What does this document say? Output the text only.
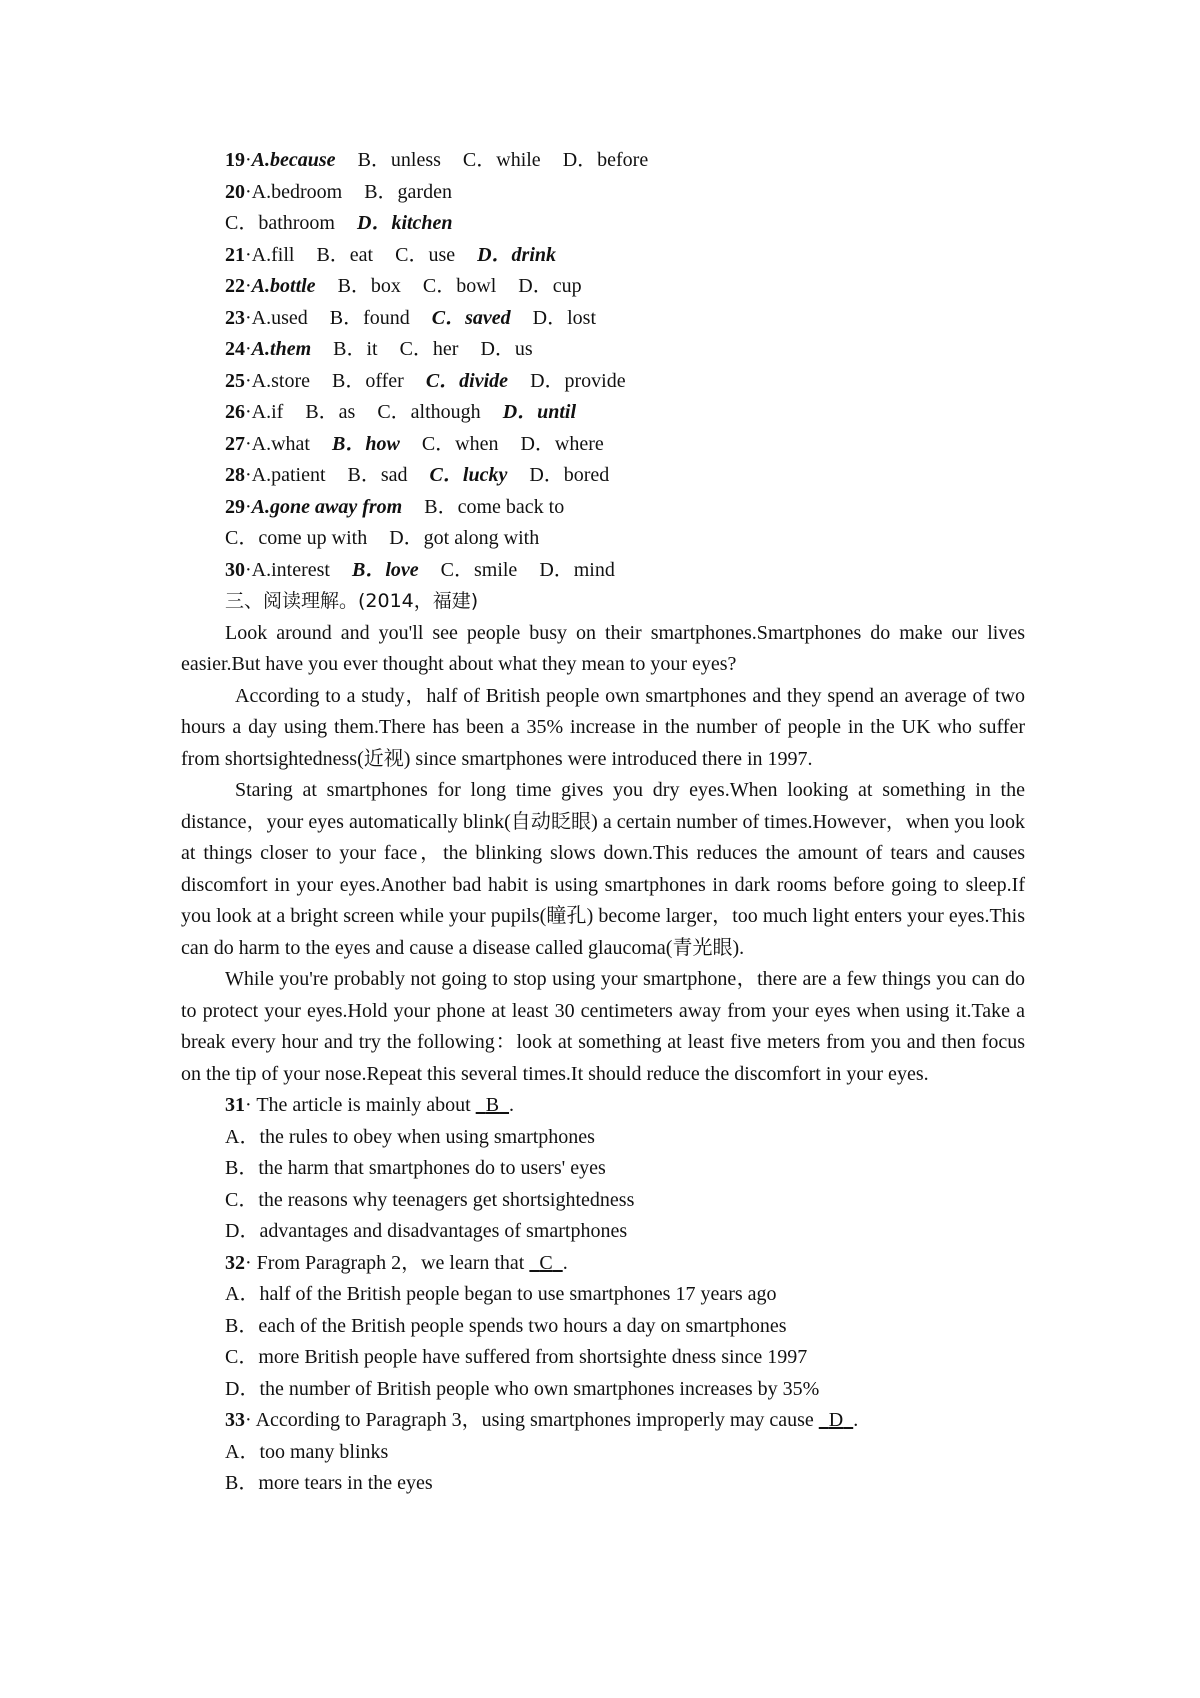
19·A.because B．unless C．while D．before
20·A.bedroom B．garden
C．bathroom D．kitchen
21·A.fill B．eat C．use D．drink
22·A.bottle B．box C．bowl D．cup
23·A.used B．found C．saved D．lost
24·A.them B．it C．her D．us
25·A.store B．offer C．divide D．provide
26·A.if B．as C．although D．until
27·A.what B．how C．when D．where
28·A.patient B．sad C．lucky D．bored
29·A.gone away from B．come back to
C．come up with D．got along with
30·A.interest B．love C．smile D．mind
三、阅读理解。(2014，福建)

Look around and you'll see people busy on their smartphones.Smartphones do make our lives easier.But have you ever thought about what they mean to your eyes?

According to a study，half of British people own smartphones and they spend an average of two hours a day using them.There has been a 35% increase in the number of people in the UK who suffer from shortsightedness(近视) since smartphones were introduced there in 1997.

Staring at smartphones for long time gives you dry eyes.When looking at something in the distance，your eyes automatically blink(自动眨眼) a certain number of times.However，when you look at things closer to your face，the blinking slows down.This reduces the amount of tears and causes discomfort in your eyes.Another bad habit is using smartphones in dark rooms before going to sleep.If you look at a bright screen while your pupils(瞳孔) become larger，too much light enters your eyes.This can do harm to the eyes and cause a disease called glaucoma(青光眼).

While you're probably not going to stop using your smartphone，there are a few things you can do to protect your eyes.Hold your phone at least 30 centimeters away from your eyes when using it.Take a break every hour and try the following：look at something at least five meters from you and then focus on the tip of your nose.Repeat this several times.It should reduce the discomfort in your eyes.

31· The article is mainly about   B .
A．the rules to obey when using smartphones
B．the harm that smartphones do to users' eyes
C．the reasons why teenagers get shortsightedness
D．advantages and disadvantages of smartphones
32· From Paragraph 2，we learn that   C .
A．half of the British people began to use smartphones 17 years ago
B．each of the British people spends two hours a day on smartphones
C．more British people have suffered from shortsighte dness since 1997
D．the number of British people who own smartphones increases by 35%
33· According to Paragraph 3，using smartphones improperly may cause   D .
A．too many blinks
B．more tears in the eyes
